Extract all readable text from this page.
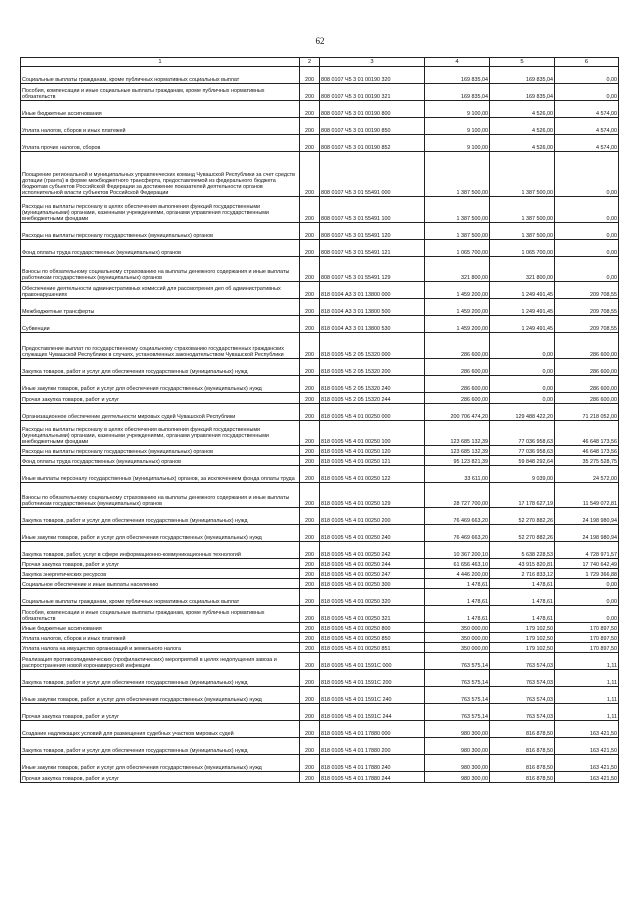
62
1	2	3	4	5	6
Социальные выплаты гражданам, кроме публичных нормативных социальных выплат	200	808 0107 Ч5 3 01 00190 320	169 835,04	169 835,04	0,00
Пособия, компенсации и иные социальные выплаты гражданам, кроме публичных нормативных обязательств	200	808 0107 Ч5 3 01 00190 321	169 835,04	169 835,04	0,00
Иные бюджетные ассигнования	200	808 0107 Ч5 3 01 00190 800	9 100,00	4 526,00	4 574,00
Уплата налогов, сборов и иных платежей	200	808 0107 Ч5 3 01 00190 850	9 100,00	4 526,00	4 574,00
Уплата прочих налогов, сборов	200	808 0107 Ч5 3 01 00190 852	9 100,00	4 526,00	4 574,00
Поощрение региональной и муниципальных управленческих команд Чувашской Республики за счет средств дотации (гранта) в форме межбюджетного трансферта, предоставляемой из федерального бюджета бюджетам субъектов Российской Федерации за достижение показателей деятельности органов исполнительной власти субъектов Российской Федерации	200	808 0107 Ч5 3 01 55491 000	1 387 500,00	1 387 500,00	0,00
Расходы на выплаты персоналу в целях обеспечения выполнения функций государственными (муниципальными) органами, казенными учреждениями, органами управления государственными внебюджетными фондами	200	808 0107 Ч5 3 01 55491 100	1 387 500,00	1 387 500,00	0,00
Расходы на выплаты персоналу государственных (муниципальных) органов	200	808 0107 Ч5 3 01 55491 120	1 387 500,00	1 387 500,00	0,00
Фонд оплаты труда государственных (муниципальных) органов	200	808 0107 Ч5 3 01 55491 121	1 065 700,00	1 065 700,00	0,00
Взносы по обязательному социальному страхованию на выплаты денежного содержания и иные выплаты работникам государственных (муниципальных) органов	200	808 0107 Ч5 3 01 55491 129	321 800,00	321 800,00	0,00
Обеспечение деятельности административных комиссий для рассмотрения дел об административных правонарушениях	200	818 0104 А3 3 01 13800 000	1 459 200,00	1 249 491,45	209 708,55
Межбюджетные трансферты	200	818 0104 А3 3 01 13800 500	1 459 200,00	1 249 491,45	209 708,55
Субвенции	200	818 0104 А3 3 01 13800 530	1 459 200,00	1 249 491,45	209 708,55
Предоставление выплат по государственному социальному страхованию государственных гражданских служащих Чувашской Республики в случаях, установленных законодательством Чувашской Республики	200	818 0105 Ч5 2 05 15320 000	286 600,00	0,00	286 600,00
Закупка товаров, работ и услуг для обеспечения государственных (муниципальных) нужд	200	818 0105 Ч5 2 05 15320 200	286 600,00	0,00	286 600,00
Иные закупки товаров, работ и услуг для обеспечения государственных (муниципальных) нужд	200	818 0105 Ч5 2 05 15320 240	286 600,00	0,00	286 600,00
Прочая закупка товаров, работ и услуг	200	818 0105 Ч5 2 05 15320 244	286 600,00	0,00	286 600,00
Организационное обеспечение деятельности мировых судей Чувашской Республики	200	818 0105 Ч5 4 01 00250 000	200 706 474,20	129 488 422,20	71 218 052,00
Расходы на выплаты персоналу в целях обеспечения выполнения функций государственными (муниципальными) органами, казенными учреждениями, органами управления государственными внебюджетными фондами	200	818 0105 Ч5 4 01 00250 100	123 685 132,39	77 036 958,63	46 648 173,56
Расходы на выплаты персоналу государственных (муниципальных) органов	200	818 0105 Ч5 4 01 00250 120	123 685 132,39	77 036 958,63	46 648 173,56
Фонд оплаты труда государственных (муниципальных) органов	200	818 0105 Ч5 4 01 00250 121	95 123 821,39	59 848 292,64	35 275 528,75
Иные выплаты персоналу государственных (муниципальных) органов, за исключением фонда оплаты труда	200	818 0105 Ч5 4 01 00250 122	33 611,00	9 039,00	24 572,00
Взносы по обязательному социальному страхованию на выплаты денежного содержания и иные выплаты работникам государственных (муниципальных) органов	200	818 0105 Ч5 4 01 00250 129	28 727 700,00	17 178 627,19	11 549 072,81
Закупка товаров, работ и услуг для обеспечения государственных (муниципальных) нужд	200	818 0105 Ч5 4 01 00250 200	76 469 663,20	52 270 882,26	24 198 980,94
Иные закупки товаров, работ и услуг для обеспечения государственных (муниципальных) нужд	200	818 0105 Ч5 4 01 00250 240	76 469 663,20	52 270 882,26	24 198 980,94
Закупка товаров, работ, услуг в сфере информационно-коммуникационных технологий	200	818 0105 Ч5 4 01 00250 242	10 367 200,10	5 638 228,53	4 728 971,57
Прочая закупка товаров, работ и услуг	200	818 0105 Ч5 4 01 00250 244	61 656 463,10	43 915 820,81	17 740 642,49
Закупка энергетических ресурсов	200	818 0105 Ч5 4 01 00250 247	4 446 200,00	2 716 833,12	1 729 366,88
Социальное обеспечение и иные выплаты населению	200	818 0105 Ч5 4 01 00250 300	1 478,61	1 478,61	0,00
Социальные выплаты гражданам, кроме публичных нормативных социальных выплат	200	818 0105 Ч5 4 01 00250 320	1 478,61	1 478,61	0,00
Пособия, компенсации и иные социальные выплаты гражданам, кроме публичных нормативных обязательств	200	818 0105 Ч5 4 01 00250 321	1 478,61	1 478,61	0,00
Иные бюджетные ассигнования	200	818 0105 Ч5 4 01 00250 800	350 000,00	179 102,50	170 897,50
Уплата налогов, сборов и иных платежей	200	818 0105 Ч5 4 01 00250 850	350 000,00	179 102,50	170 897,50
Уплата налога на имущество организаций и земельного налога	200	818 0105 Ч5 4 01 00250 851	350 000,00	179 102,50	170 897,50
Реализация противоэпидемических (профилактических) мероприятий в целях недопущения завоза и распространения новой коронавирусной инфекции	200	818 0105 Ч5 4 01 1591С 000	763 575,14	763 574,03	1,11
Закупка товаров, работ и услуг для обеспечения государственных (муниципальных) нужд	200	818 0105 Ч5 4 01 1591С 200	763 575,14	763 574,03	1,11
Иные закупки товаров, работ и услуг для обеспечения государственных (муниципальных) нужд	200	818 0105 Ч5 4 01 1591С 240	763 575,14	763 574,03	1,11
Прочая закупка товаров, работ и услуг	200	818 0105 Ч5 4 01 1591С 244	763 575,14	763 574,03	1,11
Создание надлежащих условий для размещения судебных участков мировых судей	200	818 0105 Ч5 4 01 17880 000	980 300,00	816 878,50	163 421,50
Закупка товаров, работ и услуг для обеспечения государственных (муниципальных) нужд	200	818 0105 Ч5 4 01 17880 200	980 300,00	816 878,50	163 421,50
Иные закупки товаров, работ и услуг для обеспечения государственных (муниципальных) нужд	200	818 0105 Ч5 4 01 17880 240	980 300,00	816 878,50	163 421,50
Прочая закупка товаров, работ и услуг	200	818 0105 Ч5 4 01 17880 244	980 300,00	816 878,50	163 421,50
